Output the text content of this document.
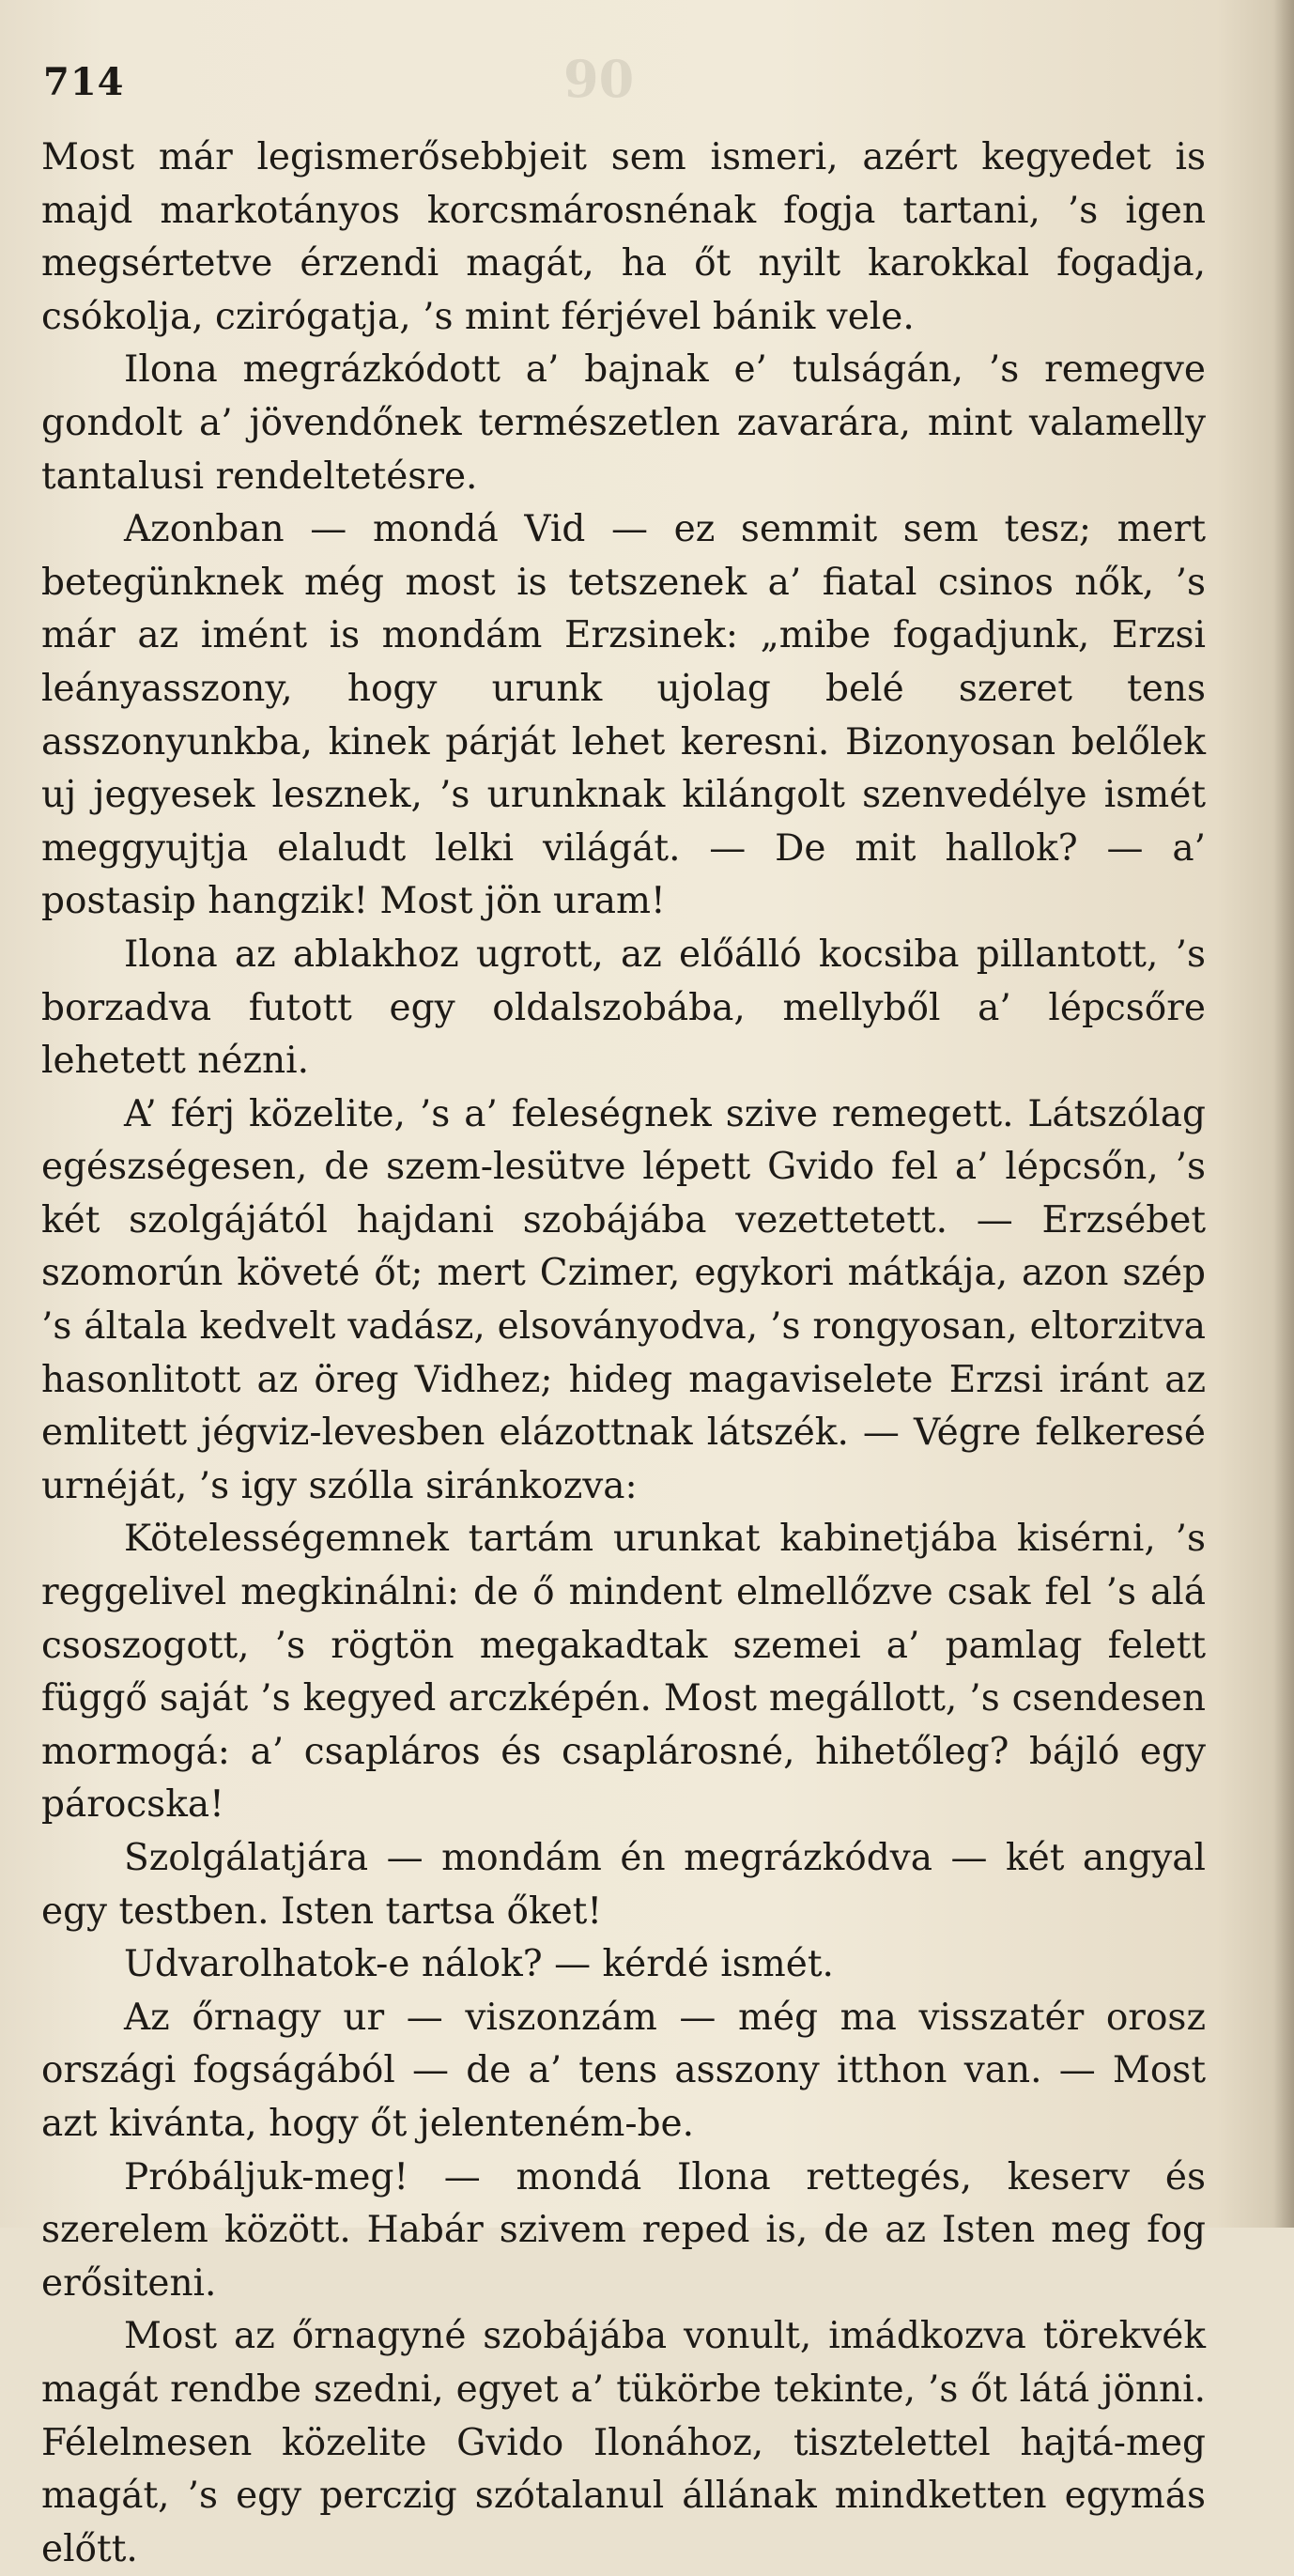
90
714

Most már legismerősebbjeit sem ismeri, azért kegyedet is majd markotányos korcsmárosnénak fogja tartani, ’s igen megsértetve érzendi magát, ha őt nyilt karokkal fogadja, csókolja, czirógatja, ’s mint férjével bánik vele.

Ilona megrázkódott a’ bajnak e’ tulságán, ’s remegve gondolt a’ jövendőnek természetlen zavarára, mint valamelly tantalusi rendeltetésre.

Azonban — mondá Vid — ez semmit sem tesz; mert betegünknek még most is tetszenek a’ fiatal csinos nők, ’s már az imént is mondám Erzsinek: „mibe fogadjunk, Erzsi leányasszony, hogy urunk ujolag belé szeret tens asszonyunkba, kinek párját lehet keresni. Bizonyosan belőlek uj jegyesek lesznek, ’s urunknak kilángolt szenvedélye ismét meggyujtja elaludt lelki világát. — De mit hallok? — a’ postasip hangzik! Most jön uram!

Ilona az ablakhoz ugrott, az előálló kocsiba pillantott, ’s borzadva futott egy oldalszobába, mellyből a’ lépcsőre lehetett nézni.

A’ férj közelite, ’s a’ feleségnek szive remegett. Látszólag egészségesen, de szem-lesütve lépett Gvido fel a’ lépcsőn, ’s két szolgájától hajdani szobájába vezettetett. — Erzsébet szomorún követé őt; mert Czimer, egykori mátkája, azon szép ’s általa kedvelt vadász, elsoványodva, ’s rongyosan, eltorzitva hasonlitott az öreg Vidhez; hideg magaviselete Erzsi iránt az emlitett jégviz-levesben elázottnak látszék. — Végre felkeresé urnéját, ’s igy szólla siránkozva:

Kötelességemnek tartám urunkat kabinetjába kisérni, ’s reggelivel megkinálni: de ő mindent elmellőzve csak fel ’s alá csoszogott, ’s rögtön megakadtak szemei a’ pamlag felett függő saját ’s kegyed arczképén. Most megállott, ’s csendesen mormogá: a’ csapláros és csaplárosné, hihetőleg? bájló egy párocska!

Szolgálatjára — mondám én megrázkódva — két angyal egy testben. Isten tartsa őket!

Udvarolhatok-e nálok? — kérdé ismét.

Az őrnagy ur — viszonzám — még ma visszatér orosz országi fogságából — de a’ tens asszony itthon van. — Most azt kivánta, hogy őt jelenteném-be.

Próbáljuk-meg! — mondá Ilona rettegés, keserv és szerelem között. Habár szivem reped is, de az Isten meg fog erősiteni.

Most az őrnagyné szobájába vonult, imádkozva törekvék magát rendbe szedni, egyet a’ tükörbe tekinte, ’s őt látá jönni. Félelmesen közelite Gvido Ilonához, tisztelettel hajtá-meg magát, ’s egy perczig szótalanul állának mindketten egymás előtt.
